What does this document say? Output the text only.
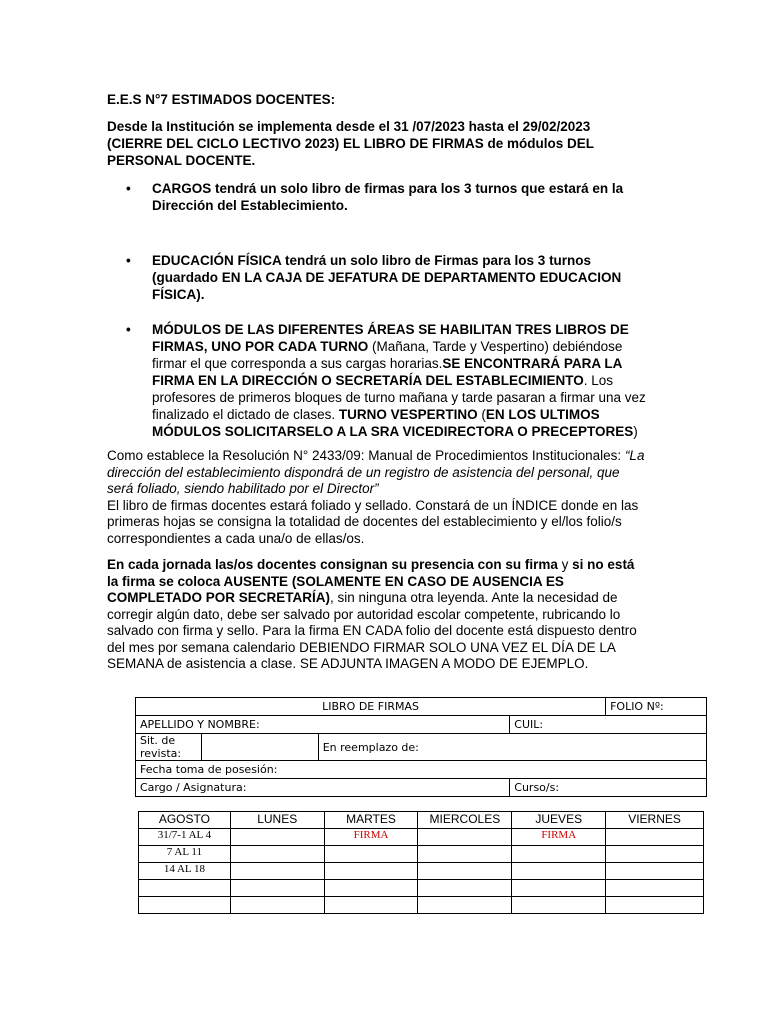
E.E.S N°7 ESTIMADOS DOCENTES:
Desde la Institución se implementa desde el 31 /07/2023 hasta el 29/02/2023 (CIERRE DEL CICLO LECTIVO 2023) EL LIBRO DE FIRMAS de módulos DEL PERSONAL DOCENTE.
• CARGOS tendrá un solo libro de firmas para los 3 turnos que estará en la Dirección del Establecimiento.
• EDUCACIÓN FÍSICA tendrá un solo libro de Firmas para los 3 turnos (guardado EN LA CAJA DE JEFATURA DE DEPARTAMENTO EDUCACION FÍSICA).
• MÓDULOS DE LAS DIFERENTES ÁREAS SE HABILITAN TRES LIBROS DE FIRMAS, UNO POR CADA TURNO (Mañana, Tarde y Vespertino) debiéndose firmar el que corresponda a sus cargas horarias.SE ENCONTRARÁ PARA LA FIRMA EN LA DIRECCIÓN O SECRETARÍA DEL ESTABLECIMIENTO. Los profesores de primeros bloques de turno mañana y tarde pasaran a firmar una vez finalizado el dictado de clases. TURNO VESPERTINO (EN LOS ULTIMOS MÓDULOS SOLICITARSELO A LA SRA VICEDIRECTORA O PRECEPTORES)
Como establece la Resolución N° 2433/09: Manual de Procedimientos Institucionales: “La dirección del establecimiento dispondrá de un registro de asistencia del personal, que será foliado, siendo habilitado por el Director”
El libro de firmas docentes estará foliado y sellado. Constará de un ÍNDICE donde en las primeras hojas se consigna la totalidad de docentes del establecimiento y el/los folio/s correspondientes a cada una/o de ellas/os.
En cada jornada las/os docentes consignan su presencia con su firma y si no está la firma se coloca AUSENTE (SOLAMENTE EN CASO DE AUSENCIA ES COMPLETADO POR SECRETARÍA), sin ninguna otra leyenda. Ante la necesidad de corregir algún dato, debe ser salvado por autoridad escolar competente, rubricando lo salvado con firma y sello. Para la firma EN CADA folio del docente está dispuesto dentro del mes por semana calendario DEBIENDO FIRMAR SOLO UNA VEZ EL DÍA DE LA SEMANA de asistencia a clase. SE ADJUNTA IMAGEN A MODO DE EJEMPLO.
LIBRO DE FIRMAS				FOLIO Nº:
APELLIDO Y NOMBRE:			CUIL:	
Sit. de revista:		En reemplazo de:		
Fecha toma de posesión:				
Cargo / Asignatura:			Curso/s:	
AGOSTO	LUNES	MARTES	MIERCOLES	JUEVES	VIERNES
31/7-1 AL 4		FIRMA		FIRMA	
7 AL 11					
14 AL 18					
